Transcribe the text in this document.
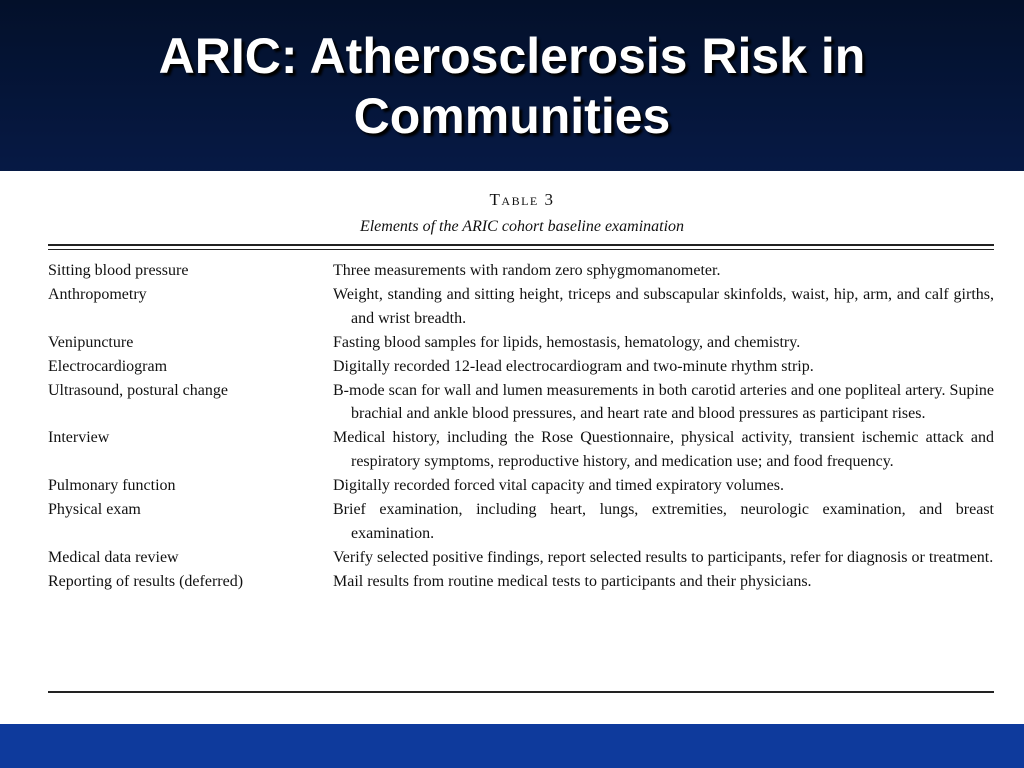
ARIC: Atherosclerosis Risk in
Communities
Table 3
Elements of the ARIC cohort baseline examination
Sitting blood pressure	Three measurements with random zero sphygmomanometer.
Anthropometry	Weight, standing and sitting height, triceps and subscapular skinfolds, waist, hip, arm, and calf girths, and wrist breadth.
Venipuncture	Fasting blood samples for lipids, hemostasis, hematology, and chemistry.
Electrocardiogram	Digitally recorded 12-lead electrocardiogram and two-minute rhythm strip.
Ultrasound, postural change	B-mode scan for wall and lumen measurements in both carotid arteries and one popliteal artery. Supine brachial and ankle blood pressures, and heart rate and blood pressures as participant rises.
Interview	Medical history, including the Rose Questionnaire, physical activity, transient ischemic attack and respiratory symptoms, reproductive history, and medication use; and food frequency.
Pulmonary function	Digitally recorded forced vital capacity and timed expiratory volumes.
Physical exam	Brief examination, including heart, lungs, extremities, neurologic examination, and breast examination.
Medical data review	Verify selected positive findings, report selected results to participants, refer for diagnosis or treatment.
Reporting of results (deferred)	Mail results from routine medical tests to participants and their physicians.
